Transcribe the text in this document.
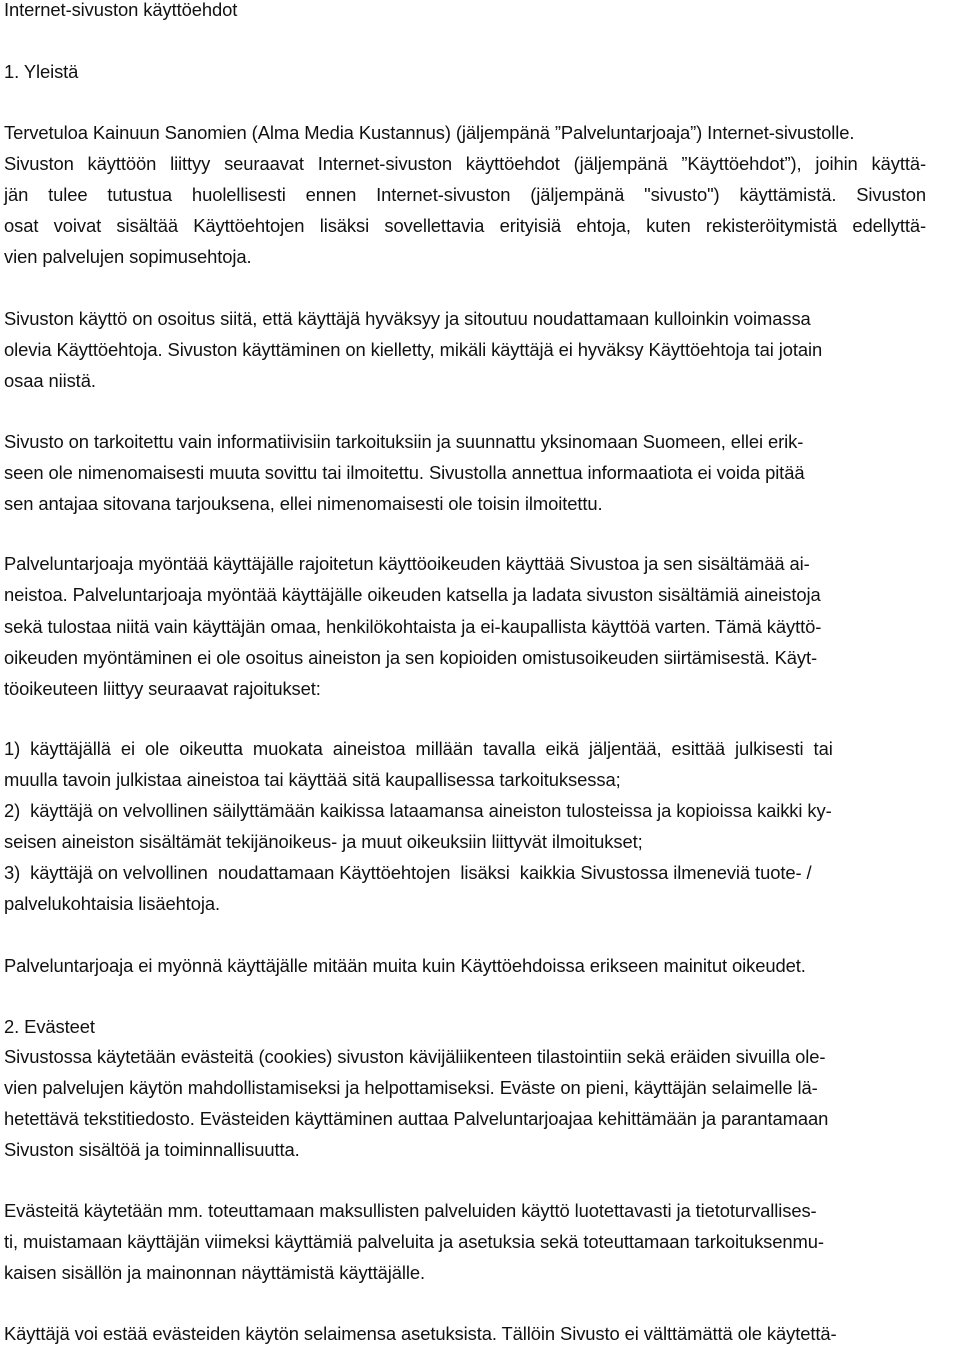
Internet-sivuston käyttöehdot
1. Yleistä
Tervetuloa Kainuun Sanomien (Alma Media Kustannus) (jäljempänä ”Palveluntarjoaja”) Internet-sivustolle.
Sivuston käyttöön liittyy seuraavat Internet-sivuston käyttöehdot (jäljempänä ”Käyttöehdot”), joihin käyttä-
jän tulee tutustua huolellisesti ennen Internet-sivuston (jäljempänä "sivusto") käyttämistä. Sivuston
osat voivat sisältää Käyttöehtojen lisäksi sovellettavia erityisiä ehtoja, kuten rekisteröitymistä edellyttä-
vien palvelujen sopimusehtoja.
Sivuston käyttö on osoitus siitä, että käyttäjä hyväksyy ja sitoutuu noudattamaan kulloinkin voimassa
olevia Käyttöehtoja. Sivuston käyttäminen on kielletty, mikäli käyttäjä ei hyväksy Käyttöehtoja tai jotain
osaa niistä.
Sivusto on tarkoitettu vain informatiivisiin tarkoituksiin ja suunnattu yksinomaan Suomeen, ellei erik-
seen ole nimenomaisesti muuta sovittu tai ilmoitettu. Sivustolla annettua informaatiota ei voida pitää
sen antajaa sitovana tarjouksena, ellei nimenomaisesti ole toisin ilmoitettu.
Palveluntarjoaja myöntää käyttäjälle rajoitetun käyttöoikeuden käyttää Sivustoa ja sen sisältämää ai-
neistoa. Palveluntarjoaja myöntää käyttäjälle oikeuden katsella ja ladata sivuston sisältämiä aineistoja
sekä tulostaa niitä vain käyttäjän omaa, henkilökohtaista ja ei-kaupallista käyttöä varten. Tämä käyttö-
oikeuden myöntäminen ei ole osoitus aineiston ja sen kopioiden omistusoikeuden siirtämisestä. Käyt-
töoikeuteen liittyy seuraavat rajoitukset:
1)  käyttäjällä  ei  ole  oikeutta  muokata  aineistoa  millään  tavalla  eikä  jäljentää,  esittää  julkisesti  tai
muulla tavoin julkistaa aineistoa tai käyttää sitä kaupallisessa tarkoituksessa;
2)  käyttäjä on velvollinen säilyttämään kaikissa lataamansa aineiston tulosteissa ja kopioissa kaikki ky-
seisen aineiston sisältämät tekijänoikeus- ja muut oikeuksiin liittyvät ilmoitukset;
3)  käyttäjä on velvollinen  noudattamaan Käyttöehtojen  lisäksi  kaikkia Sivustossa ilmeneviä tuote- /
palvelukohtaisia lisäehtoja.
Palveluntarjoaja ei myönnä käyttäjälle mitään muita kuin Käyttöehdoissa erikseen mainitut oikeudet.
2. Evästeet
Sivustossa käytetään evästeitä (cookies) sivuston kävijäliikenteen tilastointiin sekä eräiden sivuilla ole-
vien palvelujen käytön mahdollistamiseksi ja helpottamiseksi. Eväste on pieni, käyttäjän selaimelle lä-
hetettävä tekstitiedosto. Evästeiden käyttäminen auttaa Palveluntarjoajaa kehittämään ja parantamaan
Sivuston sisältöä ja toiminnallisuutta.
Evästeitä käytetään mm. toteuttamaan maksullisten palveluiden käyttö luotettavasti ja tietoturvallises-
ti, muistamaan käyttäjän viimeksi käyttämiä palveluita ja asetuksia sekä toteuttamaan tarkoituksenmu-
kaisen sisällön ja mainonnan näyttämistä käyttäjälle.
Käyttäjä voi estää evästeiden käytön selaimensa asetuksista. Tällöin Sivusto ei välttämättä ole käytettä-
